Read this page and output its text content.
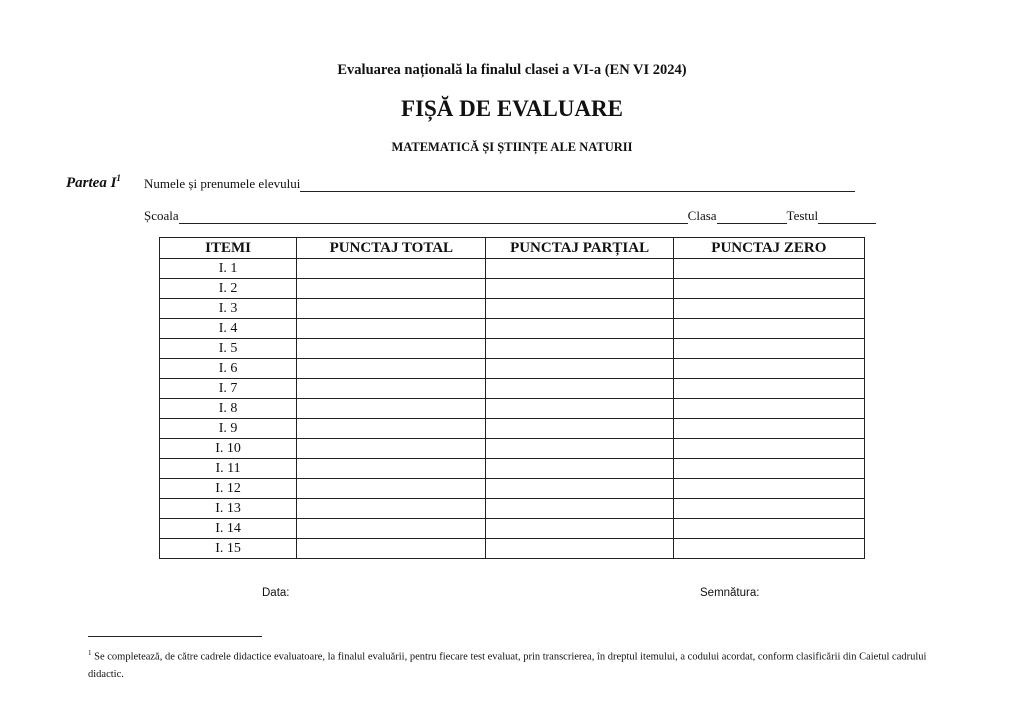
Evaluarea națională la finalul clasei a VI-a (EN VI 2024)
FIȘĂ DE EVALUARE
MATEMATICĂ ȘI ȘTIINȚE ALE NATURII
Partea $I^1$ Numele și prenumele elevului
Școala	Clasa	Testul
ITEMI	PUNCTAJ TOTAL	PUNCTAJ PARȚIAL	PUNCTAJ ZERO
I. 1			
I. 2			
I. 3			
I. 4			
I. 5			
I. 6			
I. 7			
I. 8			
I. 9			
I. 10			
I. 11			
I. 12			
I. 13			
I. 14			
I. 15			
Data:	Semnătura:
$^1$ Se completează, de către cadrele didactice evaluatoare, la finalul evaluării, pentru fiecare test evaluat, prin transcrierea, în dreptul itemului, a codului acordat, conform clasificării din Caietul cadrului didactic.
